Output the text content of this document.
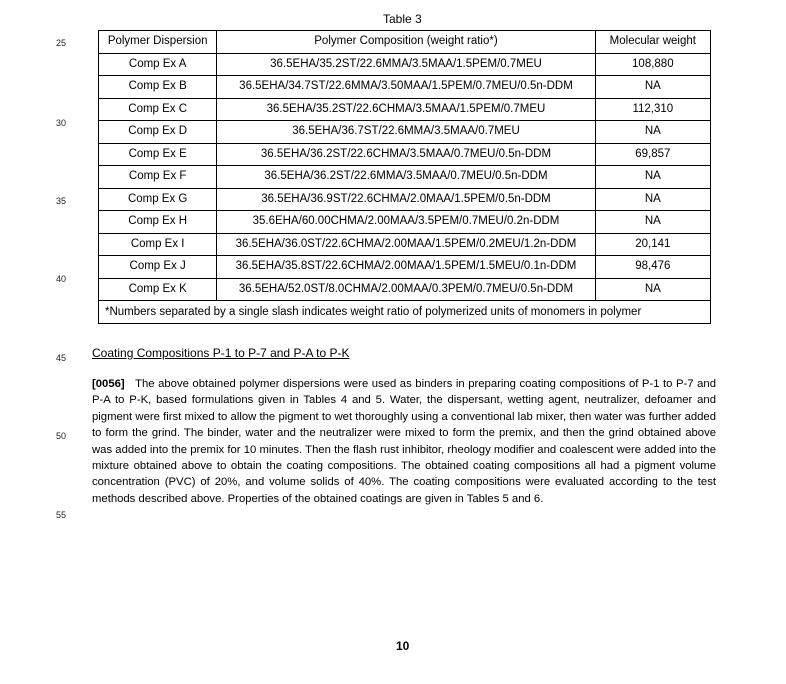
25
30
35
40
45
50
55
Table 3
Polymer Dispersion	Polymer Composition (weight ratio*)	Molecular weight
Comp Ex A	36.5EHA/35.2ST/22.6MMA/3.5MAA/1.5PEM/0.7MEU	108,880
Comp Ex B	36.5EHA/34.7ST/22.6MMA/3.50MAA/1.5PEM/0.7MEU/0.5n-DDM	NA
Comp Ex C	36.5EHA/35.2ST/22.6CHMA/3.5MAA/1.5PEM/0.7MEU	112,310
Comp Ex D	36.5EHA/36.7ST/22.6MMA/3.5MAA/0.7MEU	NA
Comp Ex E	36.5EHA/36.2ST/22.6CHMA/3.5MAA/0.7MEU/0.5n-DDM	69,857
Comp Ex F	36.5EHA/36.2ST/22.6MMA/3.5MAA/0.7MEU/0.5n-DDM	NA
Comp Ex G	36.5EHA/36.9ST/22.6CHMA/2.0MAA/1.5PEM/0.5n-DDM	NA
Comp Ex H	35.6EHA/60.00CHMA/2.00MAA/3.5PEM/0.7MEU/0.2n-DDM	NA
Comp Ex I	36.5EHA/36.0ST/22.6CHMA/2.00MAA/1.5PEM/0.2MEU/1.2n-DDM	20,141
Comp Ex J	36.5EHA/35.8ST/22.6CHMA/2.00MAA/1.5PEM/1.5MEU/0.1n-DDM	98,476
Comp Ex K	36.5EHA/52.0ST/8.0CHMA/2.00MAA/0.3PEM/0.7MEU/0.5n-DDM	NA
*Numbers separated by a single slash indicates weight ratio of polymerized units of monomers in polymer		
Coating Compositions P-1 to P-7 and P-A to P-K
[0056] The above obtained polymer dispersions were used as binders in preparing coating compositions of P-1 to P-7 and P-A to P-K, based formulations given in Tables 4 and 5. Water, the dispersant, wetting agent, neutralizer, defoamer and pigment were first mixed to allow the pigment to wet thoroughly using a conventional lab mixer, then water was further added to form the grind. The binder, water and the neutralizer were mixed to form the premix, and then the grind obtained above was added into the premix for 10 minutes. Then the flash rust inhibitor, rheology modifier and coalescent were added into the mixture obtained above to obtain the coating compositions. The obtained coating compositions all had a pigment volume concentration (PVC) of 20%, and volume solids of 40%. The coating compositions were evaluated according to the test methods described above. Properties of the obtained coatings are given in Tables 5 and 6.
10
